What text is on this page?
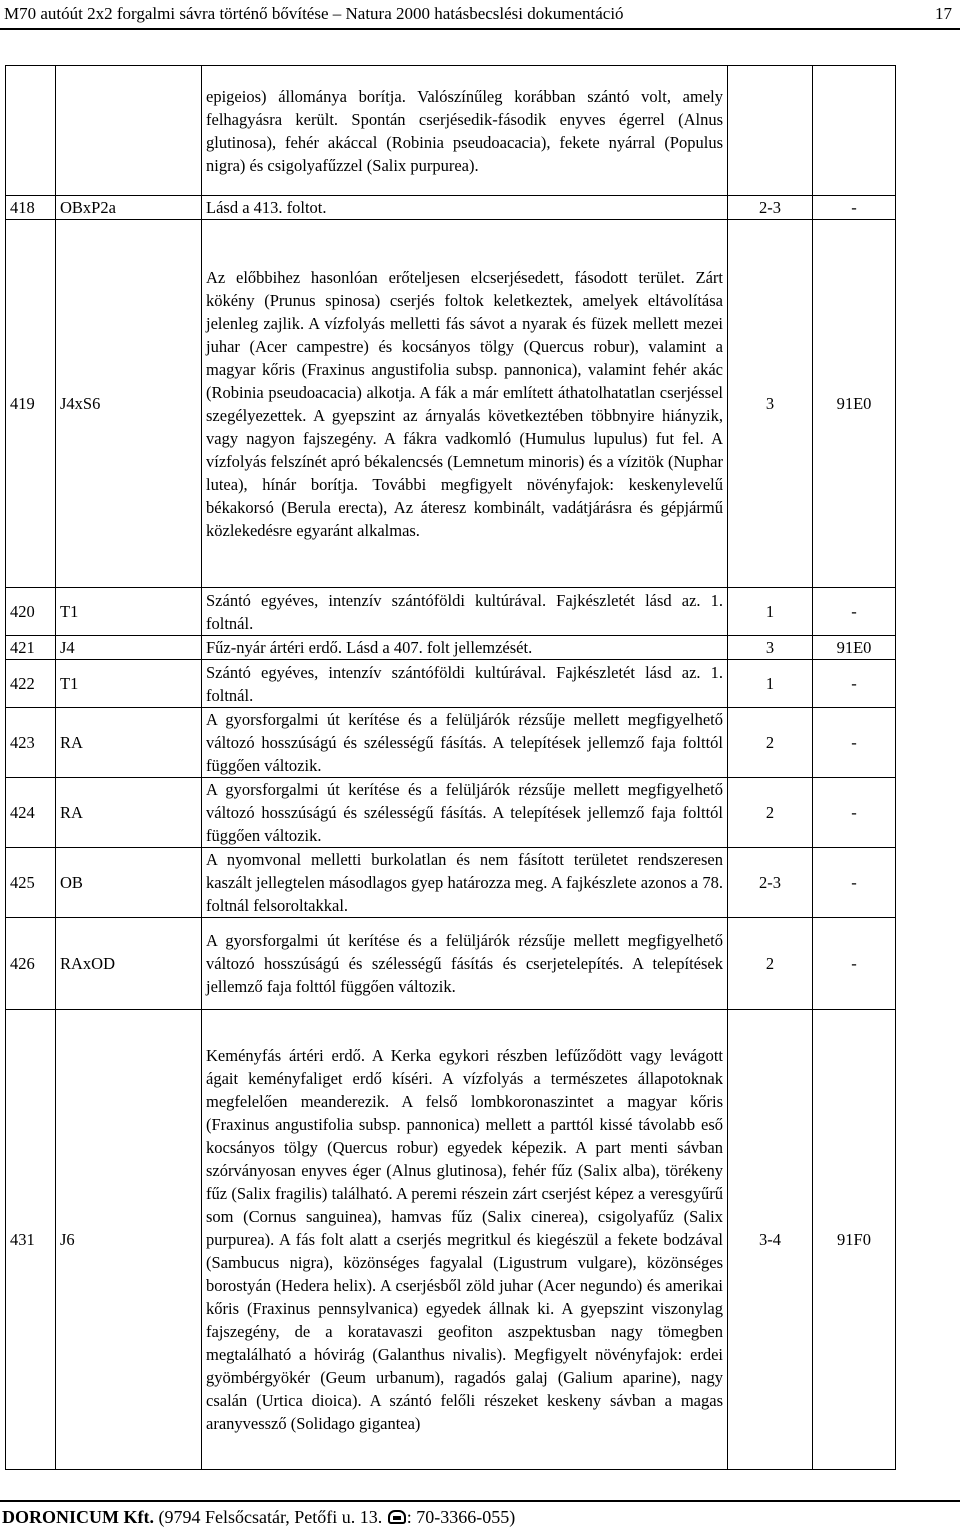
M70 autóút 2x2 forgalmi sávra történő bővítése – Natura 2000 hatásbecslési dokumentáció	17

		epigeios) állománya borítja. Valószínűleg korábban szántó volt, amely felhagyásra került. Spontán cserjésedik-fásodik enyves égerrel (Alnus glutinosa), fehér akáccal (Robinia pseudoacacia), fekete nyárral (Populus nigra) és csigolyafűzzel (Salix purpurea).		

418	OBxP2a	Lásd a 413. foltot.	2-3	-
419	J4xS6	Az előbbihez hasonlóan erőteljesen elcserjésedett, fásodott terület. Zárt kökény (Prunus spinosa) cserjés foltok keletkeztek, amelyek eltávolítása jelenleg zajlik. A vízfolyás melletti fás sávot a nyarak és füzek mellett mezei juhar (Acer campestre) és kocsányos tölgy (Quercus robur), valamint a magyar kőris (Fraxinus angustifolia subsp. pannonica), valamint fehér akác (Robinia pseudoacacia) alkotja. A fák a már említett áthatolhatatlan cserjéssel szegélyezettek. A gyepszint az árnyalás következtében többnyire hiányzik, vagy nagyon fajszegény. A fákra vadkomló (Humulus lupulus) fut fel. A vízfolyás felszínét apró békalencsés (Lemnetum minoris) és a vízitök (Nuphar lutea), hínár borítja. További megfigyelt növényfajok: keskenylevelű békakorsó (Berula erecta), Az áteresz kombinált, vadátjárásra és gépjármű közlekedésre egyaránt alkalmas.	3	91E0
420	T1	Szántó egyéves, intenzív szántóföldi kultúrával. Fajkészletét lásd az. 1. foltnál.	1	-
421	J4	Fűz-nyár ártéri erdő. Lásd a 407. folt jellemzését.	3	91E0
422	T1	Szántó egyéves, intenzív szántóföldi kultúrával. Fajkészletét lásd az. 1. foltnál.	1	-
423	RA	A gyorsforgalmi út kerítése és a felüljárók rézsűje mellett megfigyelhető változó hosszúságú és szélességű fásítás. A telepítések jellemző faja folttól függően változik.	2	-
424	RA	A gyorsforgalmi út kerítése és a felüljárók rézsűje mellett megfigyelhető változó hosszúságú és szélességű fásítás. A telepítések jellemző faja folttól függően változik.	2	-
425	OB	A nyomvonal melletti burkolatlan és nem fásított területet rendszeresen kaszált jellegtelen másodlagos gyep határozza meg. A fajkészlete azonos a 78. foltnál felsoroltakkal.	2-3	-
426	RAxOD	A gyorsforgalmi út kerítése és a felüljárók rézsűje mellett megfigyelhető változó hosszúságú és szélességű fásítás és cserjetelepítés. A telepítések jellemző faja folttól függően változik.	2	-
431	J6	Keményfás ártéri erdő. A Kerka egykori részben lefűződött vagy levágott ágait keményfaliget erdő kíséri. A vízfolyás a természetes állapotoknak megfelelően meanderezik. A felső lombkoronaszintet a magyar kőris (Fraxinus angustifolia subsp. pannonica) mellett a parttól kissé távolabb eső kocsányos tölgy (Quercus robur) egyedek képezik. A part menti sávban szórványosan enyves éger (Alnus glutinosa), fehér fűz (Salix alba), törékeny fűz (Salix fragilis) található. A peremi részein zárt cserjést képez a veresgyűrű som (Cornus sanguinea), hamvas fűz (Salix cinerea), csigolyafűz (Salix purpurea). A fás folt alatt a cserjés megritkul és kiegészül a fekete bodzával (Sambucus nigra), közönséges fagyalal (Ligustrum vulgare), közönséges borostyán (Hedera helix). A cserjésből zöld juhar (Acer negundo) és amerikai kőris (Fraxinus pennsylvanica) egyedek állnak ki. A gyepszint viszonylag fajszegény, de a koratavaszi geofiton aszpektusban nagy tömegben megtalálható a hóvirág (Galanthus nivalis). Megfigyelt növényfajok: erdei gyömbérgyökér (Geum urbanum), ragadós galaj (Galium aparine), nagy csalán (Urtica dioica). A szántó felőli részeket keskeny sávban a magas aranyvessző (Solidago gigantea)	3-4	91F0
DORONICUM Kft. (9794 Felsőcsatár, Petőfi u. 13. : 70-3366-055)
